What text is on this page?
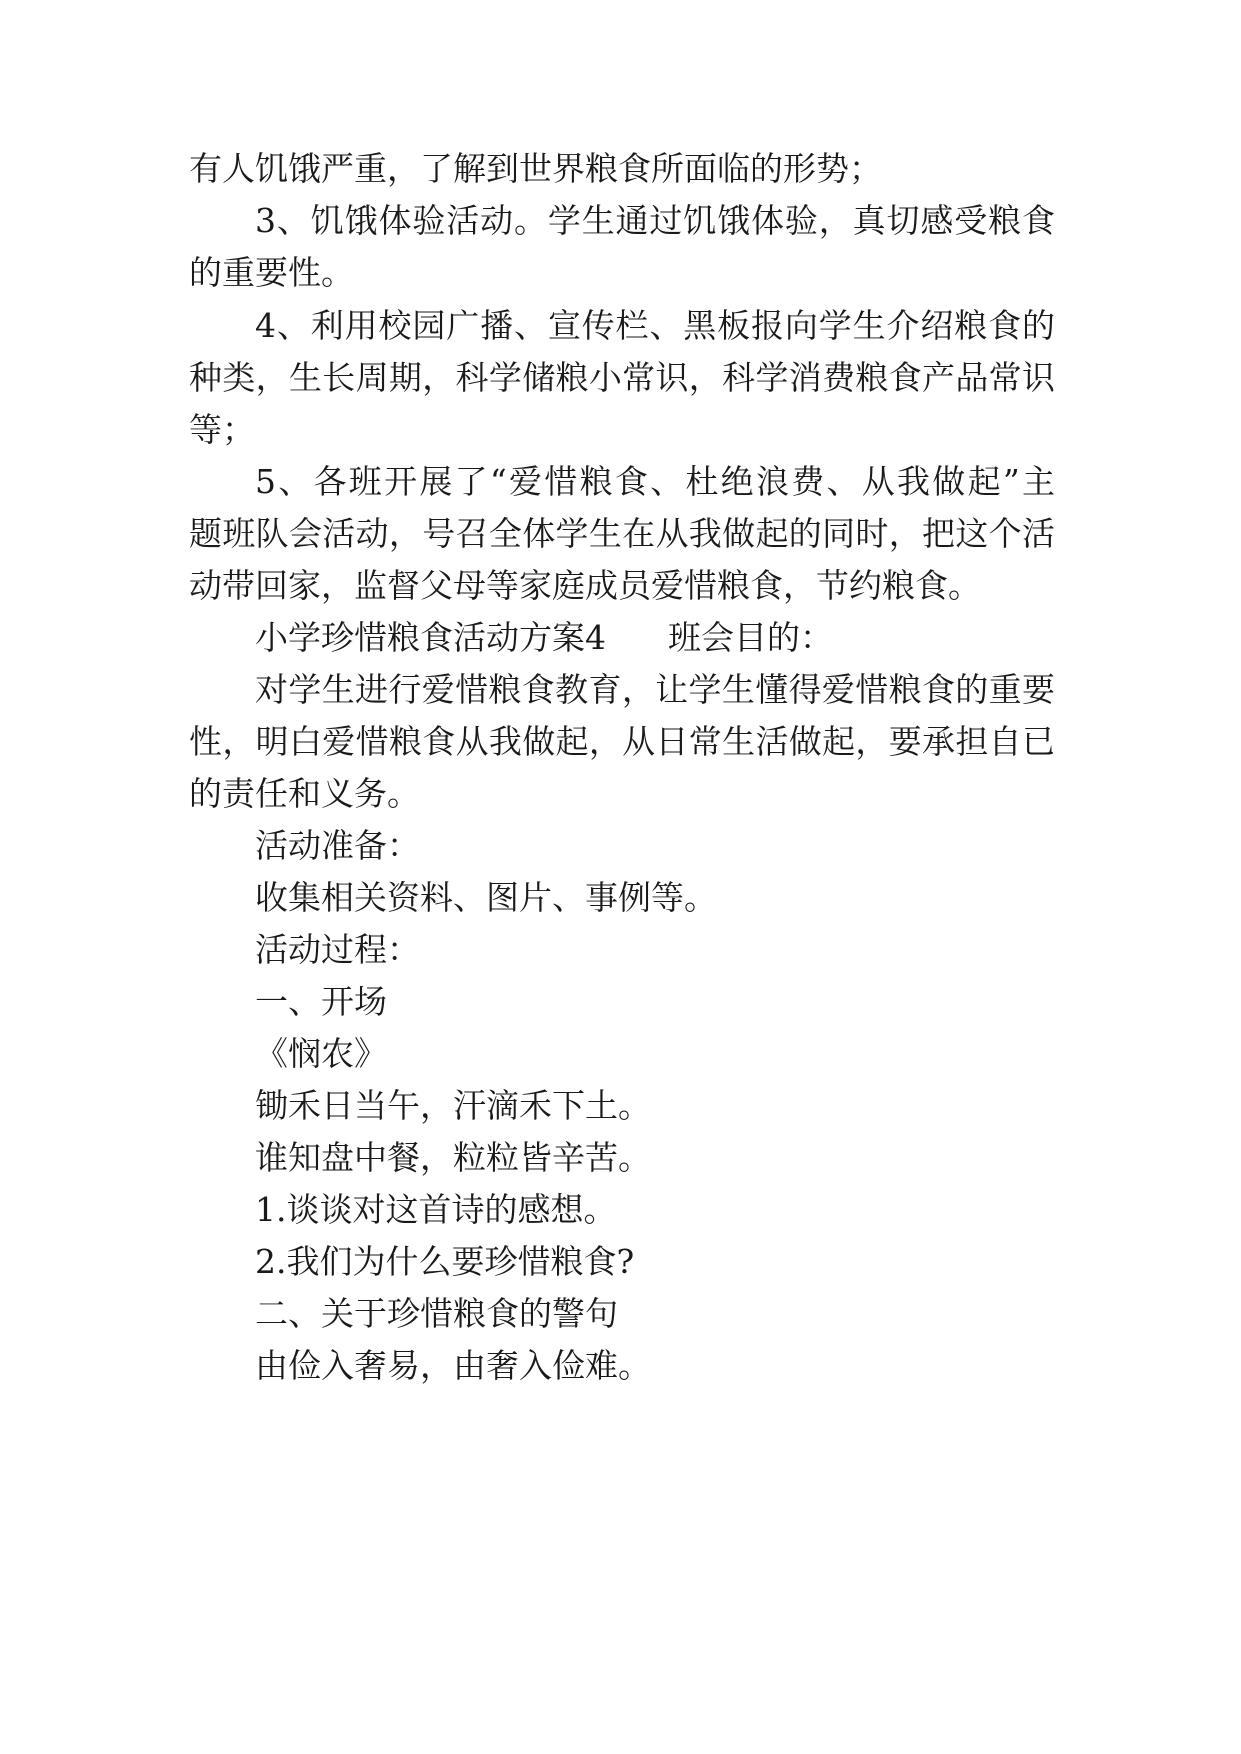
有人饥饿严重，了解到世界粮食所面临的形势；
3、饥饿体验活动。学生通过饥饿体验，真切感受粮食
的重要性。
4、利用校园广播、宣传栏、黑板报向学生介绍粮食的
种类，生长周期，科学储粮小常识，科学消费粮食产品常识
等；
5、各班开展了“爱惜粮食、杜绝浪费、从我做起”主
题班队会活动，号召全体学生在从我做起的同时，把这个活
动带回家，监督父母等家庭成员爱惜粮食，节约粮食。
小学珍惜粮食活动方案4 班会目的：
对学生进行爱惜粮食教育，让学生懂得爱惜粮食的重要
性，明白爱惜粮食从我做起，从日常生活做起，要承担自已
的责任和义务。
活动准备：
收集相关资料、图片、事例等。
活动过程：
一、开场
《悯农》
锄禾日当午，汗滴禾下土。
谁知盘中餐，粒粒皆辛苦。
1.谈谈对这首诗的感想。
2.我们为什么要珍惜粮食?
二、关于珍惜粮食的警句
由俭入奢易，由奢入俭难。
